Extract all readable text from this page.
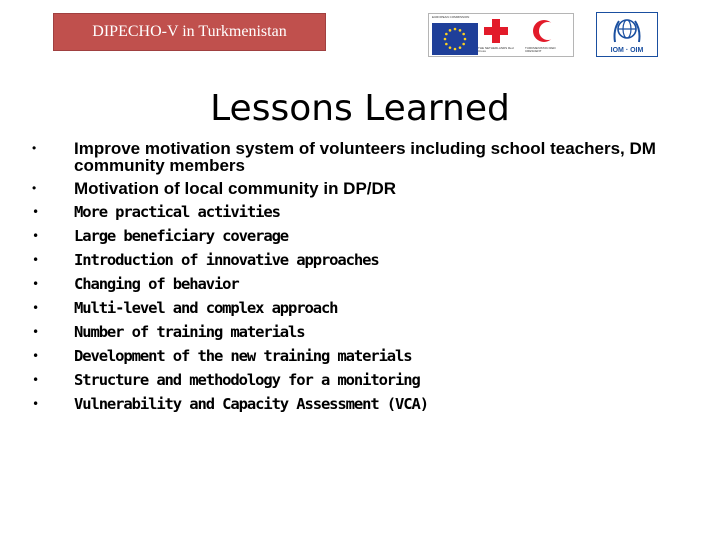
DIPECHO-V in Turkmenistan
EUROPEAN COMMISSION
THE NETHERLANDS Red Cross
TURKMENISTAN RED CRESCENT	IOM · OIM
Lessons Learned
• Improve motivation system of volunteers including school teachers, DM community members
• Motivation of local community in DP/DR
• More practical activities
• Large beneficiary coverage
• Introduction of innovative approaches
• Changing of behavior
• Multi-level and complex approach
• Number of training materials
• Development of the new training materials
• Structure and methodology for a monitoring
• Vulnerability and Capacity Assessment (VCA)
